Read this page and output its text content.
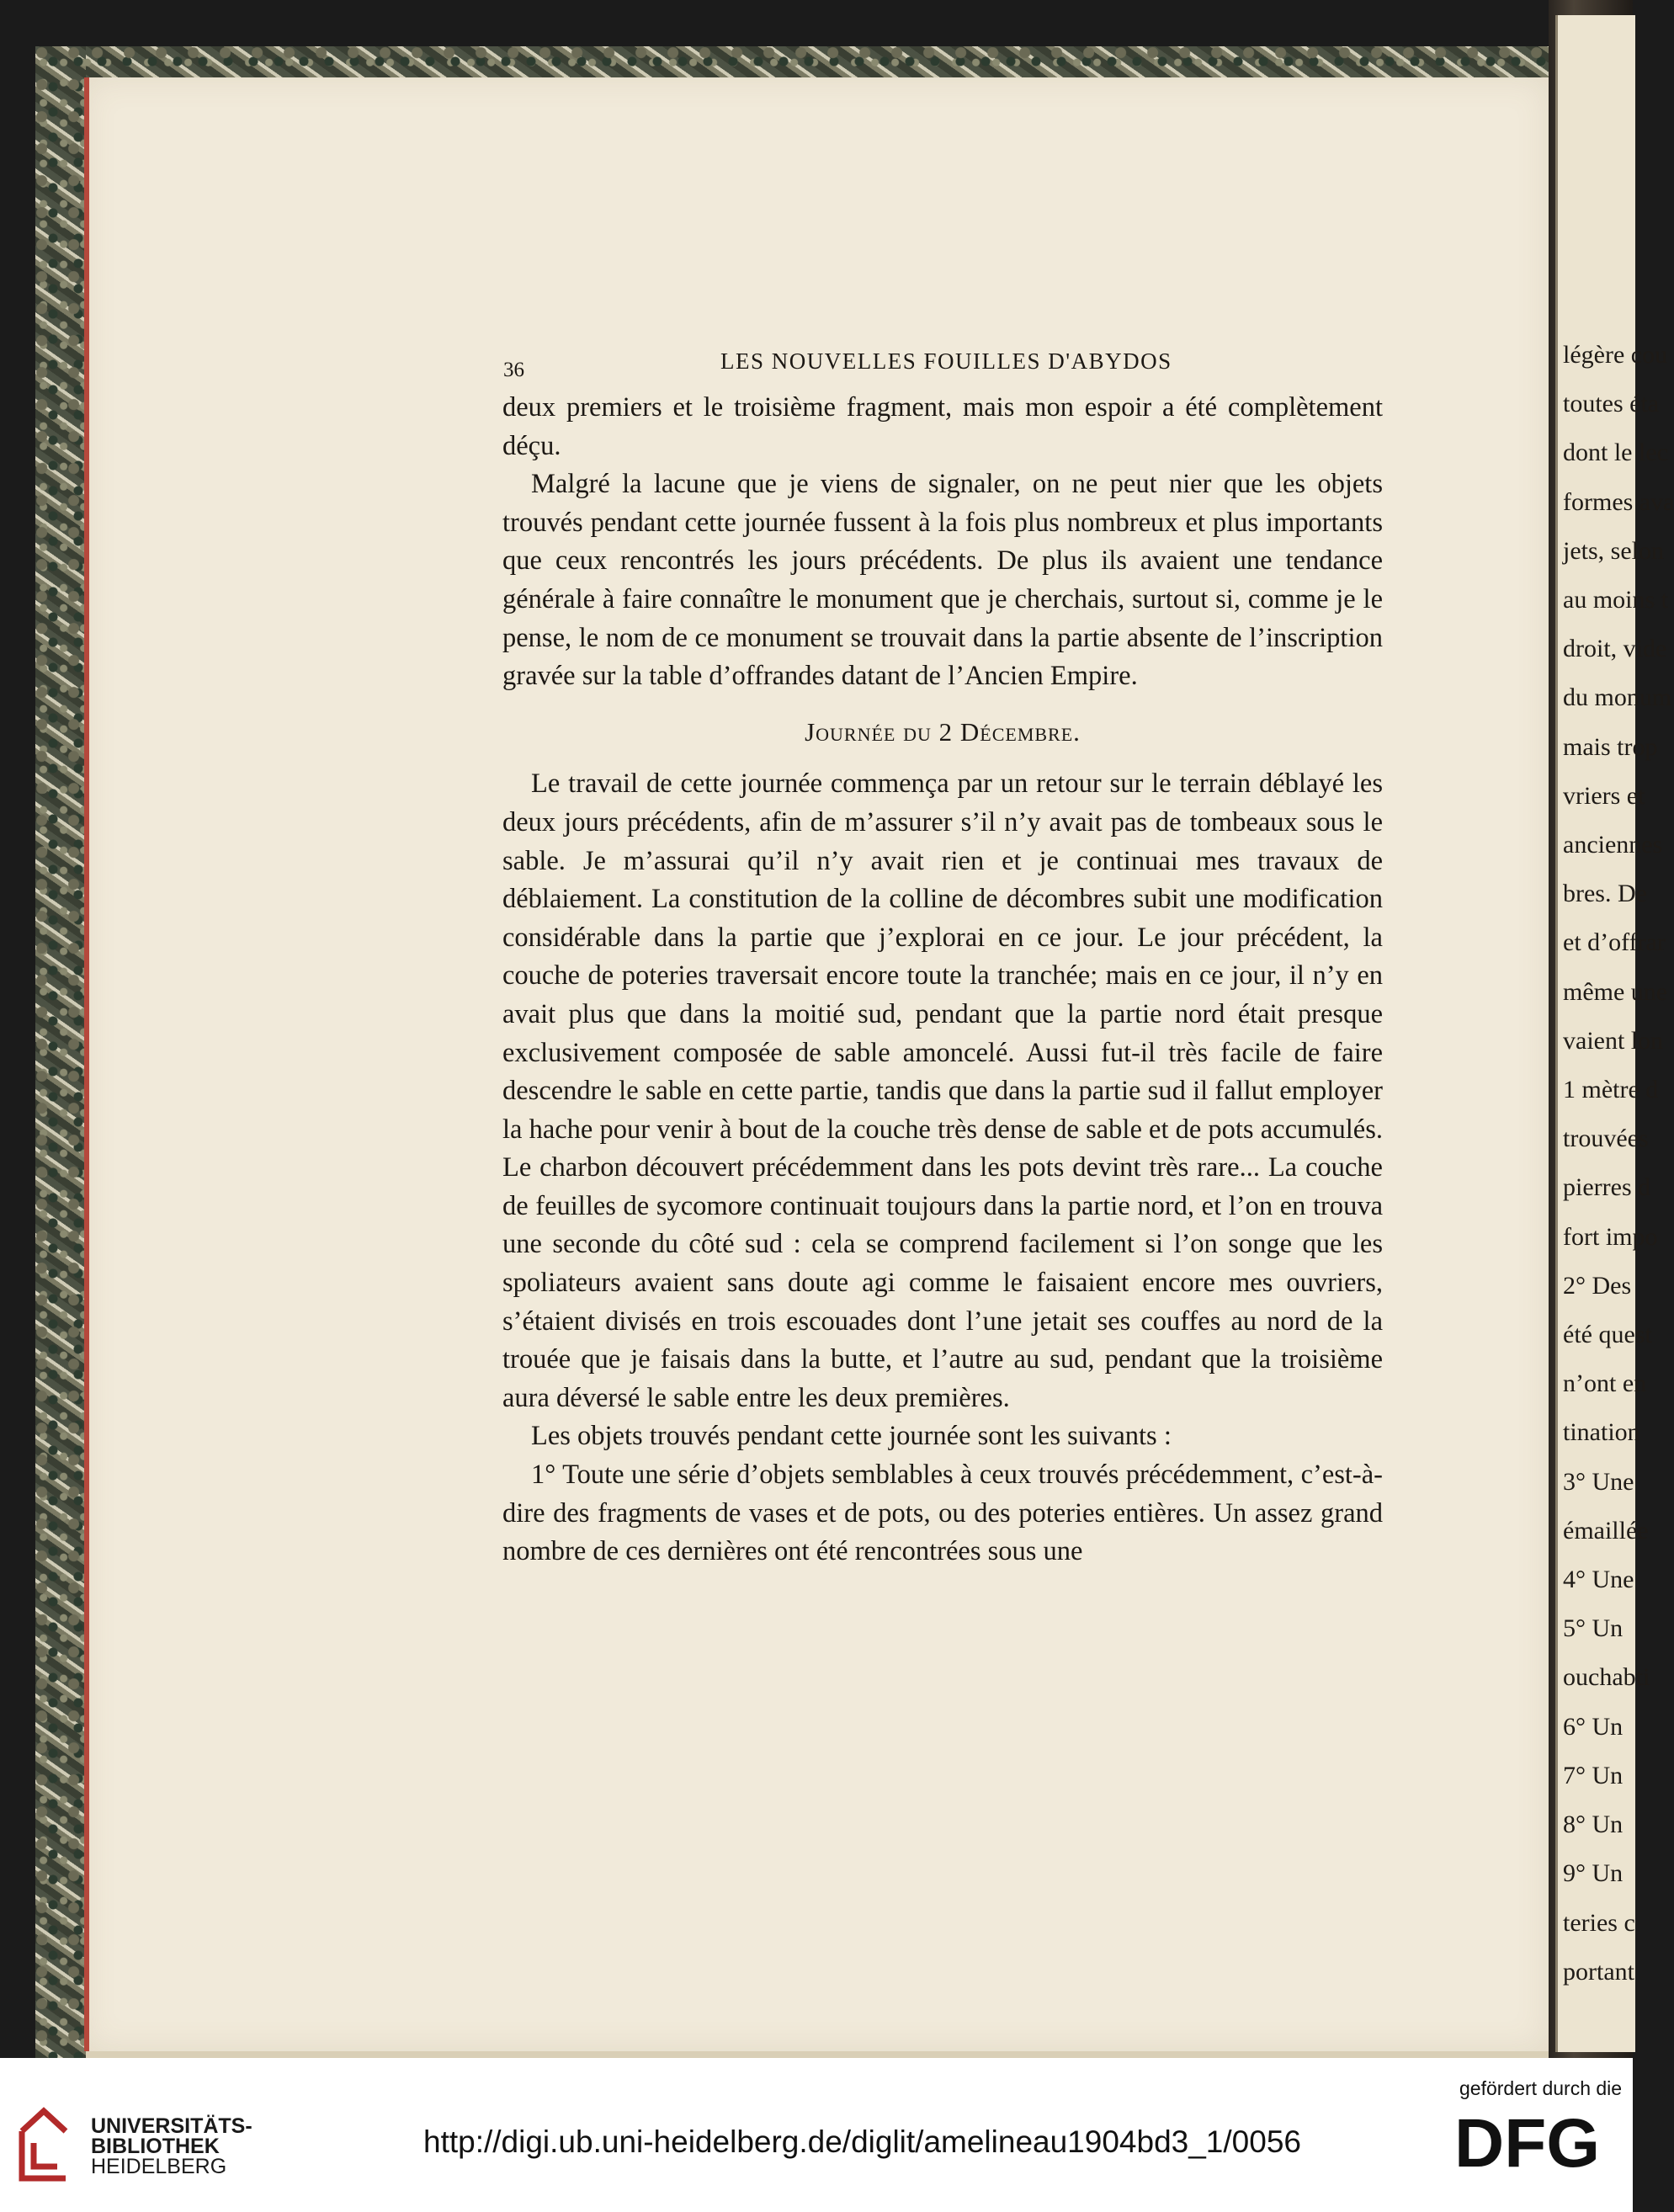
légère cou
toutes éta
dont le lec
formes ava
jets, selon
au moins t
droit, vide
du monum
mais trop
vriers et
anciennes
bres. De
et d’offrar
même une
vaient lon
1 mètre d
trouvées
pierres d
fort impo
2° Des
été quest
n’ont en
tination
3° Une
émaillée
4° Une
5° Un
ouchabti
6° Un
7° Un
8° Un
9° Un
teries c
portant
36	LES NOUVELLES FOUILLES D'ABYDOS

deux premiers et le troisième fragment, mais mon espoir a été complètement déçu.

Malgré la lacune que je viens de signaler, on ne peut nier que les objets trouvés pendant cette journée fussent à la fois plus nombreux et plus importants que ceux rencontrés les jours précédents. De plus ils avaient une tendance générale à faire connaître le monument que je cherchais, surtout si, comme je le pense, le nom de ce monument se trouvait dans la partie absente de l’inscription gravée sur la table d’offrandes datant de l’Ancien Empire.

Journée du 2 Décembre.

Le travail de cette journée commença par un retour sur le terrain déblayé les deux jours précédents, afin de m’assurer s’il n’y avait pas de tombeaux sous le sable. Je m’assurai qu’il n’y avait rien et je continuai mes travaux de déblaiement. La constitution de la colline de décombres subit une modification considérable dans la partie que j’explorai en ce jour. Le jour précédent, la couche de poteries traversait encore toute la tranchée; mais en ce jour, il n’y en avait plus que dans la moitié sud, pendant que la partie nord était presque exclusivement composée de sable amoncelé. Aussi fut-il très facile de faire descendre le sable en cette partie, tandis que dans la partie sud il fallut employer la hache pour venir à bout de la couche très dense de sable et de pots accumulés. Le charbon découvert précédemment dans les pots devint très rare... La couche de feuilles de sycomore continuait toujours dans la partie nord, et l’on en trouva une seconde du côté sud : cela se comprend facilement si l’on songe que les spoliateurs avaient sans doute agi comme le faisaient encore mes ouvriers, s’étaient divisés en trois escouades dont l’une jetait ses couffes au nord de la trouée que je faisais dans la butte, et l’autre au sud, pendant que la troisième aura déversé le sable entre les deux premières.

Les objets trouvés pendant cette journée sont les suivants :

1° Toute une série d’objets semblables à ceux trouvés précédemment, c’est-à-dire des fragments de vases et de pots, ou des poteries entières. Un assez grand nombre de ces dernières ont été rencontrées sous une

UNIVERSITÄTS-
BIBLIOTHEK
HEIDELBERG
http://digi.ub.uni-heidelberg.de/diglit/amelineau1904bd3_1/0056
gefördert durch die
DFG
